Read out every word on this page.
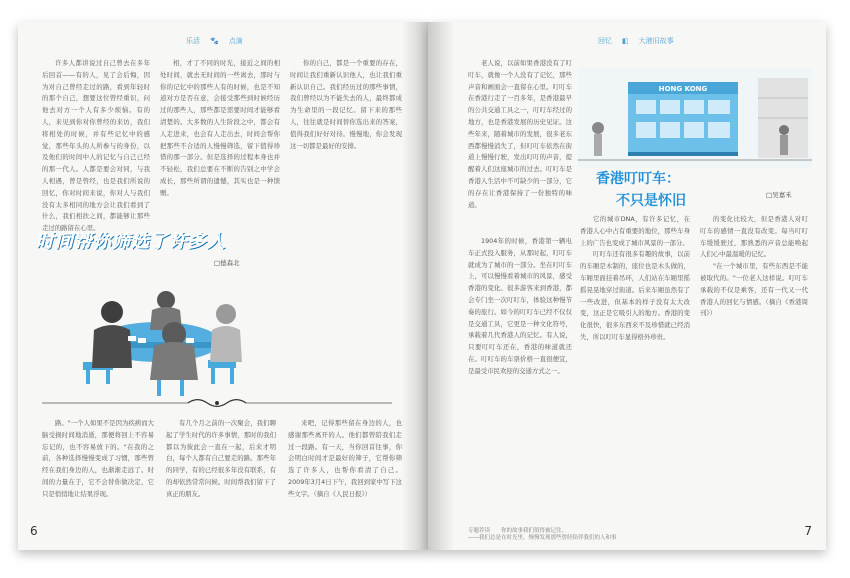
乐活 🐾 点滴

许多人都讲说过自己曾去在多年后回首——有的人，见了会后悔，因为对自己曾经走过的路，看到年轻时的那个自己，想要这位曾经重识，问他去对方一个人有多少烦恼。有的人，来见到你对你曾经的来访，我们将相处的时候，并有些记忆中的感觉，那些年头的人所参与的身份，以及他们的时间中人的记忆与自己已经的那一代人。人都是要会对同，与我人相遇，曾是曾经，也是我们所说的回忆，你对时间来说，你对人与我们没有太多相同的地方会让我们看到了什么，我们相扶之间，都能够让那些走过的路留在心里。

相，才了不同的时光，接近之间的相处时间，就去无时间的一些离去，那时与你的记忆中的那些人有的时候，也是不知道对方是否在意，会接受那些到时候经历过的那些人，那些都是需要时间才能够看清楚的。大多数的人生阶段之中，都会有人走进来，也会有人走出去，时间会帮你把那些不合适的人慢慢筛选，留下值得珍惜的那一部分。但是选择的过程本身也并不轻松，我们总要在不断的告别之中学会成长，那些所谓的遗憾，其实也是一种馈赠。

你的自己，都是一个重要的存在，时间让我们重新认识他人，也让我们重新认识自己。我们经历过的那些事情，我们曾经以为不能失去的人，最终都成为生命里的一段记忆。留下来的那些人，往往就是时间替你选出来的答案，值得我们好好对待。慢慢地，你会发现这一切都是最好的安排。

时间帮你筛选了许多人
□德森北

路。"一个人如果不是因为疾病而大脑受损时间地消逝，那便将回上不容易忘记的，也不容易放下的。"在我的之前，各种选择慢慢变成了习惯，那些曾经在我们身边的人，也渐渐走远了。时间的力量在于，它不会替你做决定，它只是悄悄地让结果浮现。

有几个月之前的一次聚会，我们聊起了学生时代的许多事情，那时的我们都以为彼此会一直在一起，后来才明白，每个人都有自己要走的路。那些年的同学，有的已经很多年没有联系，有的却依然常常问候。时间帮我们留下了真正的朋友。

来吧，记得那些留在身边的人，也感谢那些离开的人。他们都曾陪我们走过一段路。有一天，当你回首往事，你会明白时间才是最好的筛子，它帮你筛选了许多人，也帮你看清了自己。 2009年3月4日下午，我回到家中写下这些文字。（摘自《人民日报》）

6
回忆 ◧ 大港旧故事

老人说，以前如果香港没有了叮叮车，就像一个人没有了记忆，那些声音和画面会一直留在心里。叮叮车在香港行走了一百多年，是香港最早的公共交通工具之一，叮叮车经过的地方，也是香港发展的历史见证。这些年来，随着城市的发展，很多老东西都慢慢消失了，但叮叮车依然在街道上慢慢行驶，发出叮叮的声音，提醒着人们这座城市的过去。叮叮车是香港人生活中不可缺少的一部分，它的存在让香港保持了一份独特的味道。

HONG KONG
香港叮叮车：
不只是怀旧	□吴嘉禾

1904年的时候，香港第一辆电车正式投入服务，从那时起，叮叮车就成为了城市的一部分。坐在叮叮车上，可以慢慢看着城市的风景，感受香港的变化。很多游客来到香港，都会专门坐一次叮叮车，体验这种慢节奏的旅行。如今的叮叮车已经不仅仅是交通工具，它更是一种文化符号，承载着几代香港人的记忆。有人说，只要叮叮车还在，香港的味道就还在。叮叮车的车票价格一直很便宜，是最受市民欢迎的交通方式之一。

它的城市DNA，有许多记忆，在香港人心中占有重要的地位，那些车身上的广告也变成了城市风景的一部分。

叮叮车还有很多有趣的故事，以前的车厢是木制的，座位也是木头做的，车厢里面挂着吊环，人们站在车厢里摇摇晃晃地穿过街道。后来车厢虽然有了一些改进，但基本的样子没有太大改变，这正是它吸引人的地方。香港的变化很快，很多东西来不及珍惜就已经消失，所以叮叮车显得格外珍贵。

的变化比较大，但是香港人对叮叮车的感情一直没有改变。每当叮叮车缓缓驶过，那熟悉的声音总能唤起人们心中最温暖的记忆。

"在一个城市里，有些东西是不能被取代的。"一位老人这样说。叮叮车承载的不仅是乘客，还有一代又一代香港人的回忆与情感。（摘自《香港周刊》）

专题荐读　　你的故事我们值得被记住。
——我们总是在时光里，慢慢发现那些曾经陪伴我们的人和事	7
